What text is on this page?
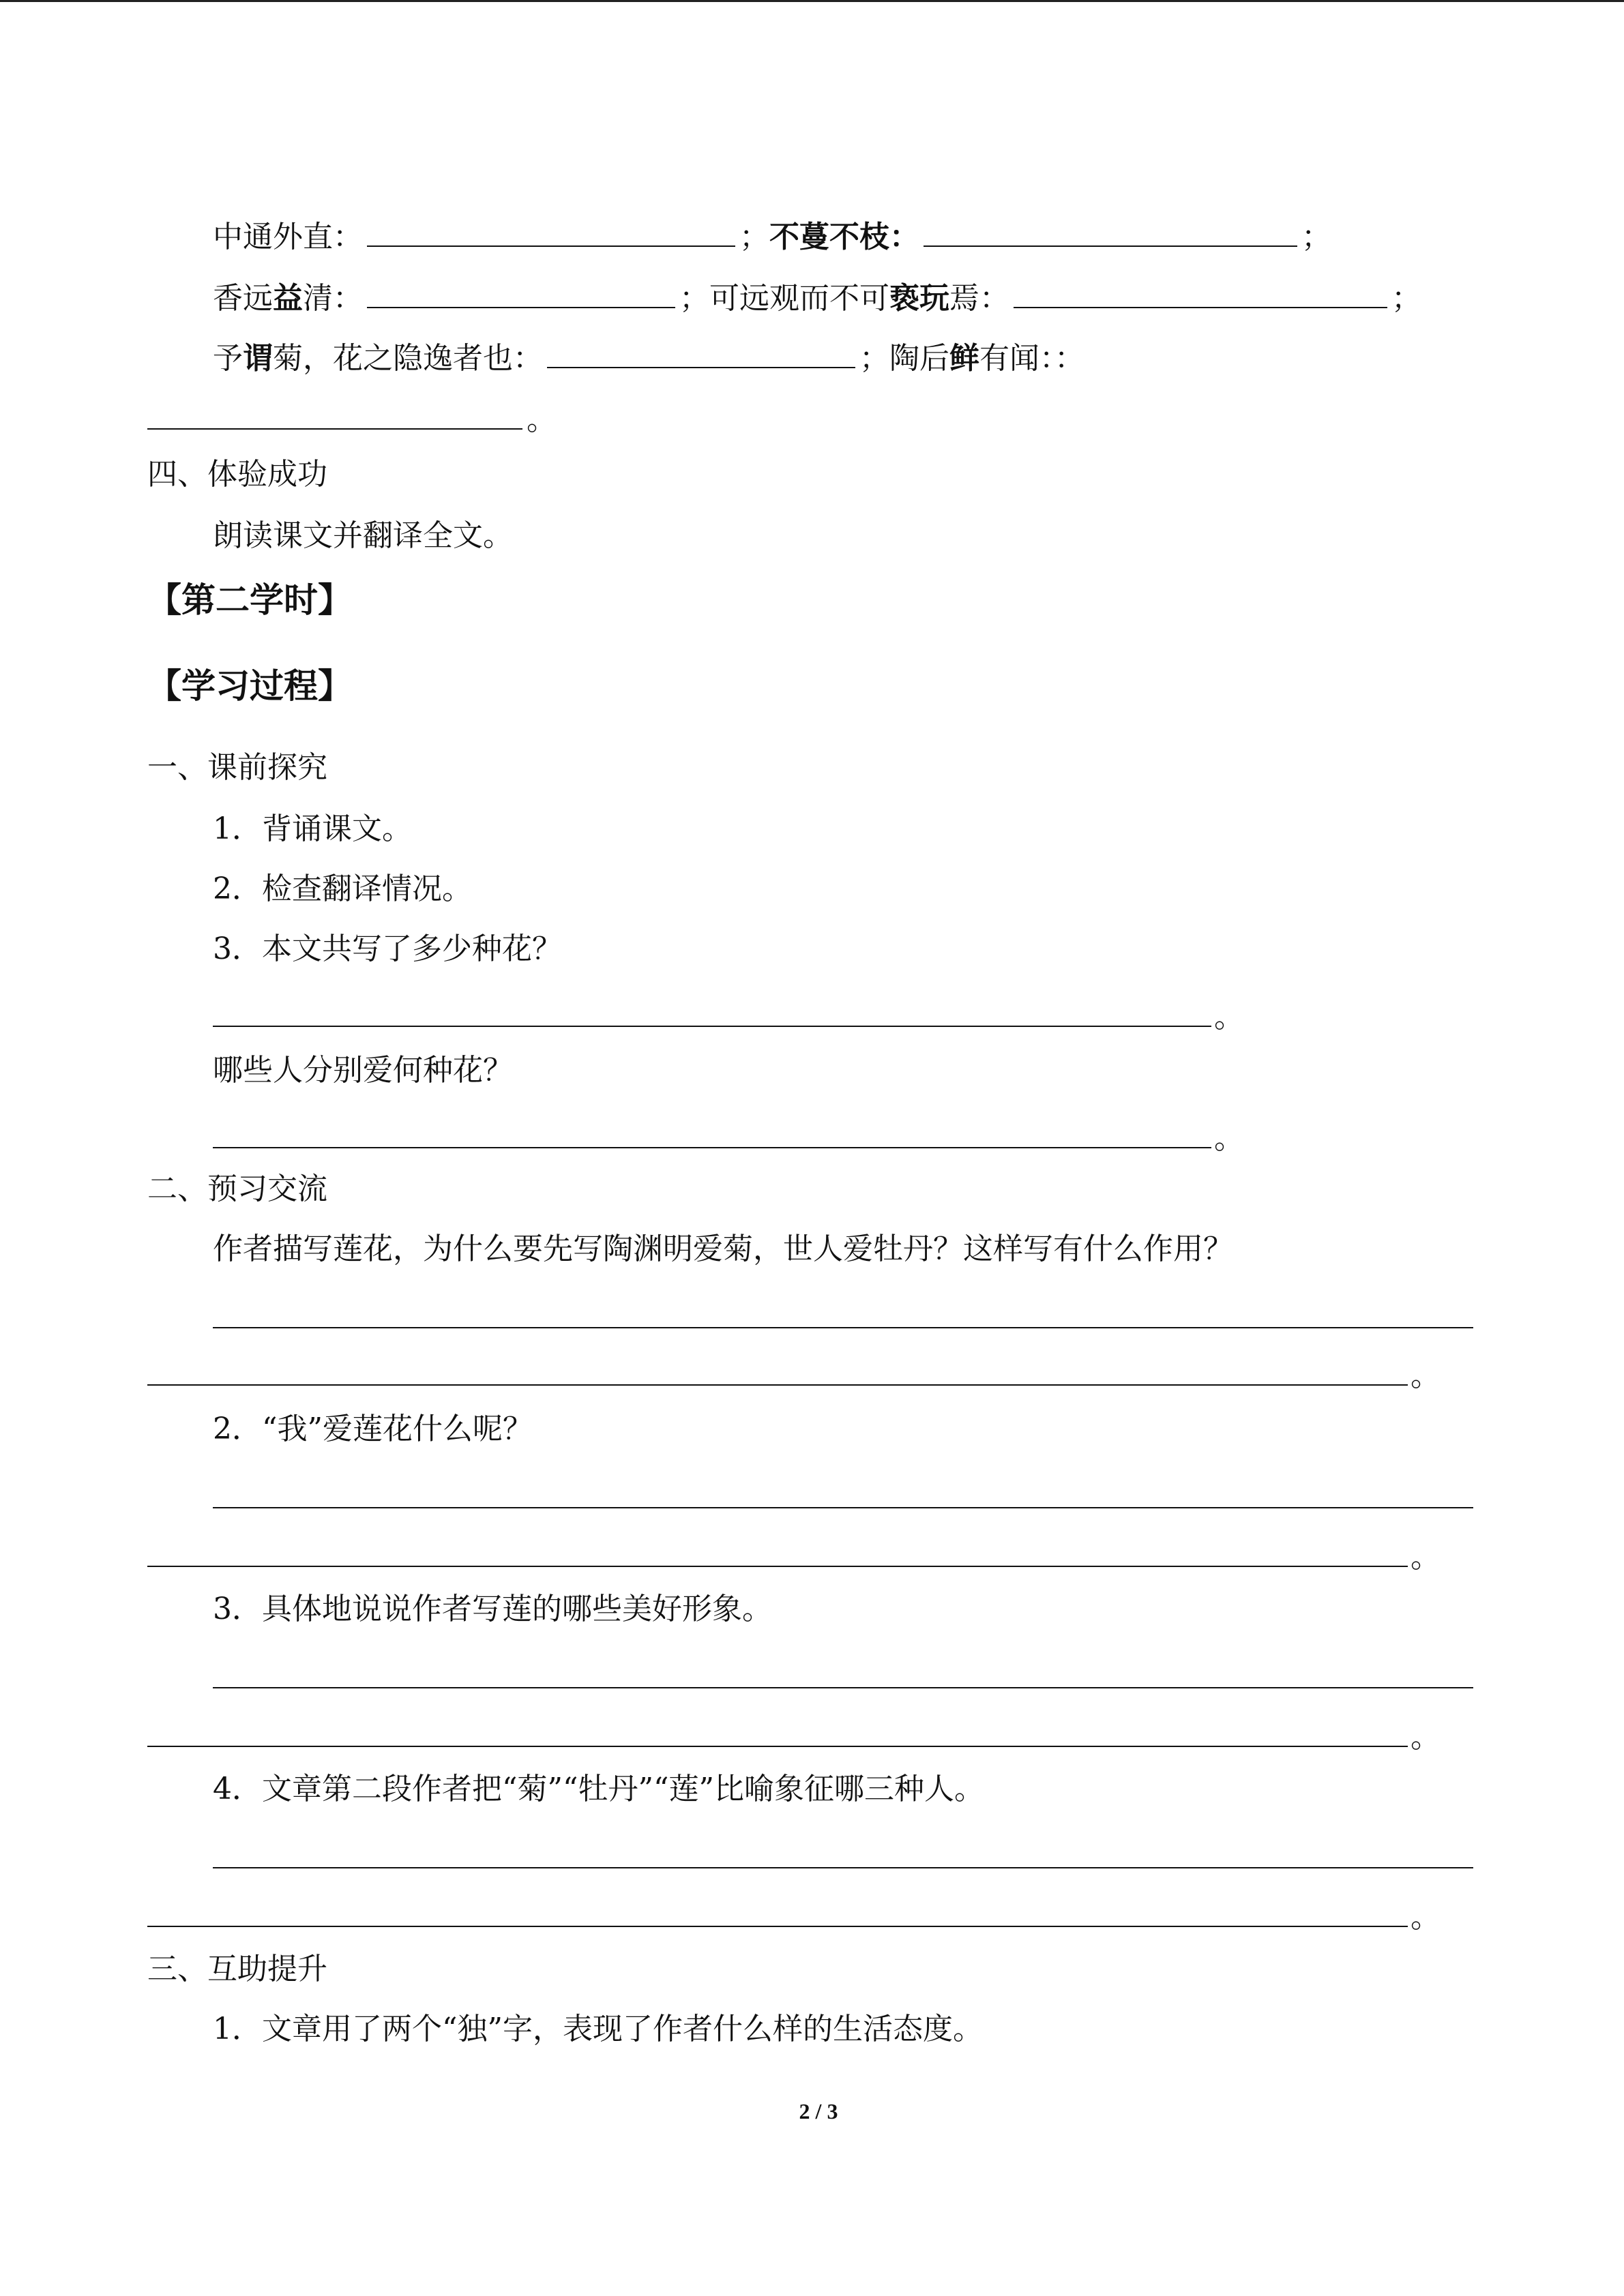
中通外直：	；不蔓不枝：	；
香远益清：	；可远观而不可亵玩焉：	；
予谓菊，花之隐逸者也：	；陶后鲜有闻：：
。
四、体验成功
朗读课文并翻译全文。
【第二学时】
【学习过程】
一、课前探究
1．背诵课文。
2．检查翻译情况。
3．本文共写了多少种花？
。
哪些人分别爱何种花？
。
二、预习交流
作者描写莲花，为什么要先写陶渊明爱菊，世人爱牡丹？这样写有什么作用？
。
2．“我”爱莲花什么呢？
。
3．具体地说说作者写莲的哪些美好形象。
。
4．文章第二段作者把“菊”“牡丹”“莲”比喻象征哪三种人。
。
三、互助提升
1．文章用了两个“独”字，表现了作者什么样的生活态度。
2 / 3
